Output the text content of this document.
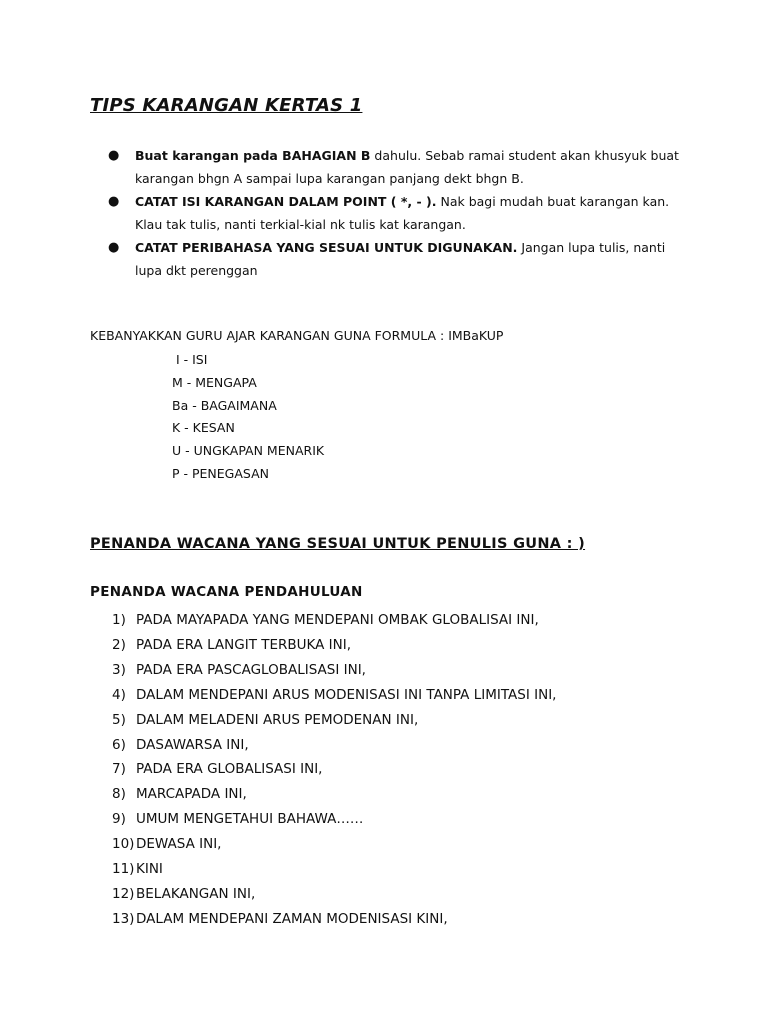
TIPS KARANGAN KERTAS 1
● Buat karangan pada BAHAGIAN B dahulu. Sebab ramai student akan khusyuk buat karangan bhgn A sampai lupa karangan panjang dekt bhgn B.
● CATAT ISI KARANGAN DALAM POINT ( *, - ). Nak bagi mudah buat karangan kan. Klau tak tulis, nanti terkial-kial nk tulis kat karangan.
● CATAT PERIBAHASA YANG SESUAI UNTUK DIGUNAKAN. Jangan lupa tulis, nanti lupa dkt perenggan
KEBANYAKKAN GURU AJAR KARANGAN GUNA FORMULA : IMBaKUP
I - ISI
M - MENGAPA
Ba - BAGAIMANA
K - KESAN
U - UNGKAPAN MENARIK
P - PENEGASAN
PENANDA WACANA YANG SESUAI UNTUK PENULIS GUNA : )
PENANDA WACANA PENDAHULUAN
1) PADA MAYAPADA YANG MENDEPANI OMBAK GLOBALISAI INI,
2) PADA ERA LANGIT TERBUKA INI,
3) PADA ERA PASCAGLOBALISASI INI,
4) DALAM MENDEPANI ARUS MODENISASI INI TANPA LIMITASI INI,
5) DALAM MELADENI ARUS PEMODENAN INI,
6) DASAWARSA INI,
7) PADA ERA GLOBALISASI INI,
8) MARCAPADA INI,
9) UMUM MENGETAHUI BAHAWA……
10) DEWASA INI,
11) KINI
12) BELAKANGAN INI,
13) DALAM MENDEPANI ZAMAN MODENISASI KINI,
